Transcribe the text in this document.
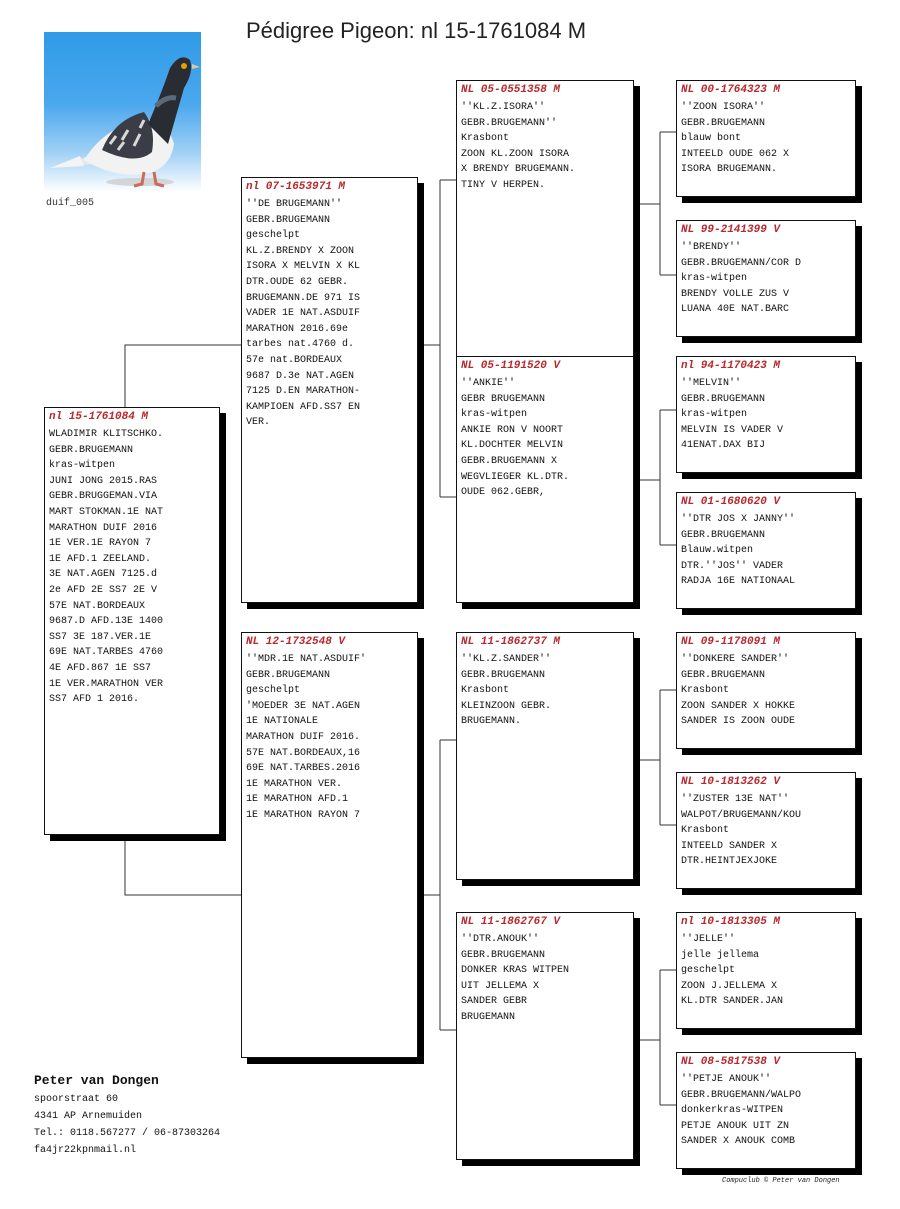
Pédigree Pigeon: nl 15-1761084 M
duif_005
nl 15-1761084 M
WLADIMIR KLITSCHKO.
GEBR.BRUGEMANN
kras-witpen
JUNI JONG 2015.RAS
GEBR.BRUGGEMAN.VIA
MART STOKMAN.1E NAT
MARATHON DUIF 2016
1E VER.1E RAYON 7
1E AFD.1 ZEELAND.
3E NAT.AGEN 7125.d
2e AFD 2E SS7 2E V
57E NAT.BORDEAUX
9687.D AFD.13E 1400
SS7 3E 187.VER.1E
69E NAT.TARBES 4760
4E AFD.867 1E SS7
1E VER.MARATHON VER
SS7 AFD 1 2016.
nl 07-1653971 M
''DE BRUGEMANN''
GEBR.BRUGEMANN
geschelpt
KL.Z.BRENDY X ZOON
ISORA X MELVIN X KL
DTR.OUDE 62 GEBR.
BRUGEMANN.DE 971 IS
VADER 1E NAT.ASDUIF
MARATHON 2016.69e
tarbes nat.4760 d.
57e nat.BORDEAUX
9687 D.3e NAT.AGEN
7125 D.EN MARATHON-
KAMPIOEN AFD.SS7 EN
VER.
NL 12-1732548 V
''MDR.1E NAT.ASDUIF'
GEBR.BRUGEMANN
geschelpt
'MOEDER 3E NAT.AGEN
1E NATIONALE
MARATHON DUIF 2016.
57E NAT.BORDEAUX,16
69E NAT.TARBES.2016
1E MARATHON VER.
1E MARATHON AFD.1
1E MARATHON RAYON 7
NL 05-0551358 M
''KL.Z.ISORA''
GEBR.BRUGEMANN''
Krasbont
ZOON KL.ZOON ISORA
X BRENDY BRUGEMANN.
TINY V HERPEN.
NL 05-1191520 V
''ANKIE''
GEBR BRUGEMANN
kras-witpen
ANKIE RON V NOORT
KL.DOCHTER MELVIN
GEBR.BRUGEMANN X
WEGVLIEGER KL.DTR.
OUDE 062.GEBR,
NL 11-1862737 M
''KL.Z.SANDER''
GEBR.BRUGEMANN
Krasbont
KLEINZOON GEBR.
BRUGEMANN.
NL 11-1862767 V
''DTR.ANOUK''
GEBR.BRUGEMANN
DONKER KRAS WITPEN
UIT JELLEMA X
SANDER GEBR
BRUGEMANN
NL 00-1764323 M
''ZOON ISORA''
GEBR.BRUGEMANN
blauw bont
INTEELD OUDE 062 X
ISORA BRUGEMANN.
NL 99-2141399 V
''BRENDY''
GEBR.BRUGEMANN/COR D
kras-witpen
BRENDY VOLLE ZUS V
LUANA 40E NAT.BARC
nl 94-1170423 M
''MELVIN''
GEBR.BRUGEMANN
kras-witpen
MELVIN IS VADER V
41ENAT.DAX BIJ
NL 01-1680620 V
''DTR JOS X JANNY''
GEBR.BRUGEMANN
Blauw.witpen
DTR.''JOS'' VADER
RADJA 16E NATIONAAL
NL 09-1178091 M
''DONKERE SANDER''
GEBR.BRUGEMANN
Krasbont
ZOON SANDER X HOKKE
SANDER IS ZOON OUDE
NL 10-1813262 V
''ZUSTER 13E NAT''
WALPOT/BRUGEMANN/KOU
Krasbont
INTEELD SANDER X
DTR.HEINTJEXJOKE
nl 10-1813305 M
''JELLE''
jelle jellema
geschelpt
ZOON J.JELLEMA X
KL.DTR SANDER.JAN
NL 08-5817538 V
''PETJE ANOUK''
GEBR.BRUGEMANN/WALPO
donkerkras-WITPEN
PETJE ANOUK UIT ZN
SANDER X ANOUK COMB
Peter van Dongen
spoorstraat 60
4341 AP Arnemuiden
Tel.: 0118.567277 / 06-87303264
fa4jr22kpnmail.nl
Compuclub © Peter van Dongen
